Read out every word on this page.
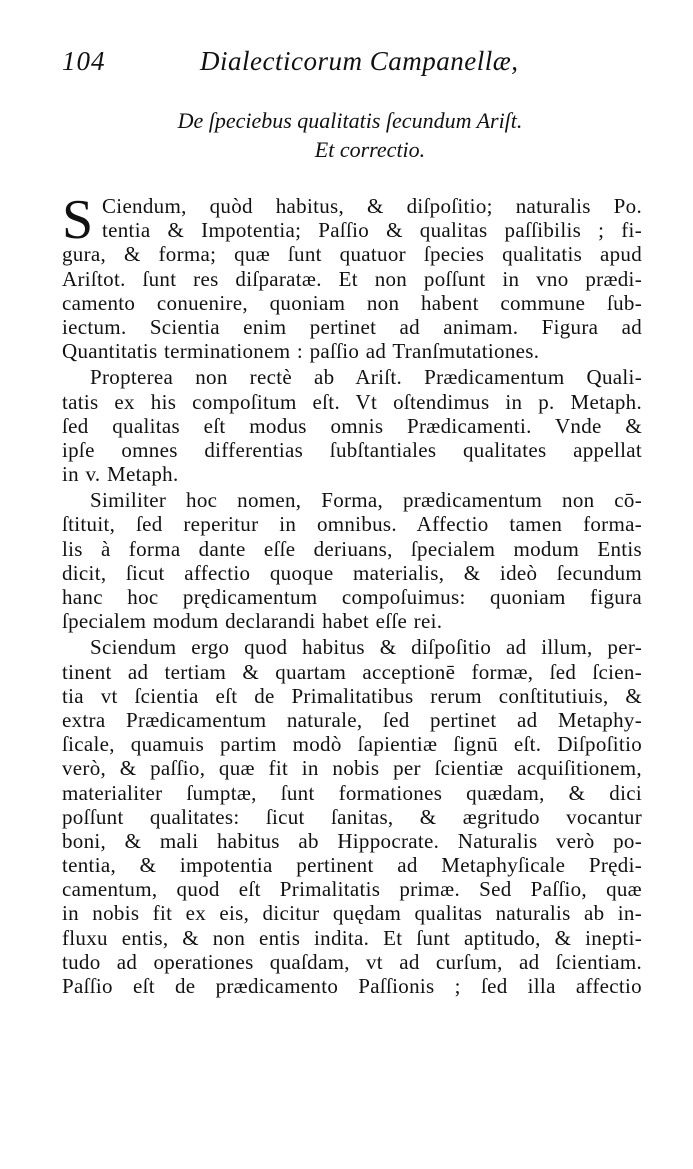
104	Dialecticorum Campanellæ,
De ſpeciebus qualitatis ſecundum Ariſt.
Et correctio.
S Ciendum, quòd habitus, & diſpoſitio; naturalis Po.
tentia & Impotentia; Paſſio & qualitas paſſibilis ; fi-
gura, & forma; quæ ſunt quatuor ſpecies qualitatis apud
Ariſtot. ſunt res diſparatæ. Et non poſſunt in vno prædi-
camento conuenire, quoniam non habent commune ſub-
iectum. Scientia enim pertinet ad animam. Figura ad
Quantitatis terminationem : paſſio ad Tranſmutationes.
Propterea non rectè ab Ariſt. Prædicamentum Quali-
tatis ex his compoſitum eſt. Vt oſtendimus in p. Metaph.
ſed qualitas eſt modus omnis Prædicamenti. Vnde &
ipſe omnes differentias ſubſtantiales qualitates appellat
in v. Metaph.
Similiter hoc nomen, Forma, prædicamentum non cō-
ſtituit, ſed reperitur in omnibus. Affectio tamen forma-
lis à forma dante eſſe deriuans, ſpecialem modum Entis
dicit, ſicut affectio quoque materialis, & ideò ſecundum
hanc hoc prędicamentum compoſuimus: quoniam figura
ſpecialem modum declarandi habet eſſe rei.
Sciendum ergo quod habitus & diſpoſitio ad illum, per-
tinent ad tertiam & quartam acceptionē formæ, ſed ſcien-
tia vt ſcientia eſt de Primalitatibus rerum conſtitutiuis, &
extra Prædicamentum naturale, ſed pertinet ad Metaphy-
ſicale, quamuis partim modò ſapientiæ ſignū eſt. Diſpoſitio
verò, & paſſio, quæ fit in nobis per ſcientiæ acquiſitionem,
materialiter ſumptæ, ſunt formationes quædam, & dici
poſſunt qualitates: ſicut ſanitas, & ægritudo vocantur
boni, & mali habitus ab Hippocrate. Naturalis verò po-
tentia, & impotentia pertinent ad Metaphyſicale Prędi-
camentum, quod eſt Primalitatis primæ. Sed Paſſio, quæ
in nobis fit ex eis, dicitur quędam qualitas naturalis ab in-
fluxu entis, & non entis indita. Et ſunt aptitudo, & inepti-
tudo ad operationes quaſdam, vt ad curſum, ad ſcientiam.
Paſſio eſt de prædicamento Paſſionis ; ſed illa affectio
